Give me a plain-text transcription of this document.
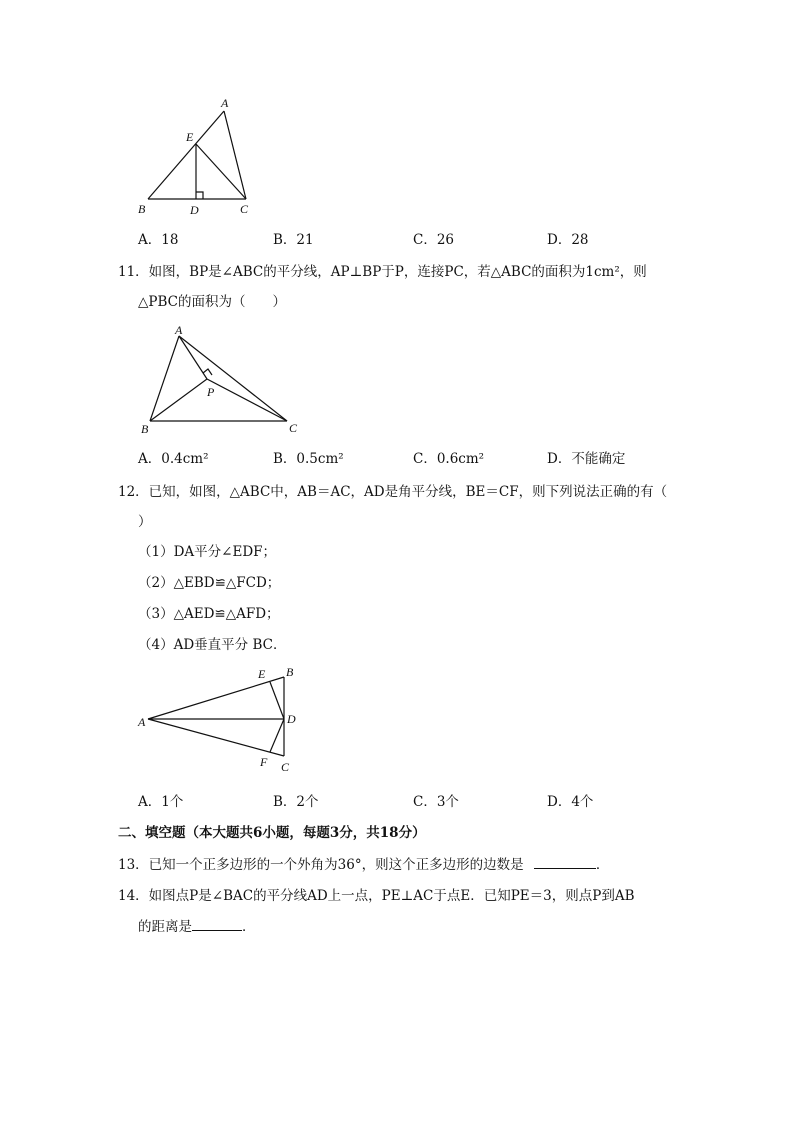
A
E
B	D	C
A．18	B．21	C．26	D．28
11．如图，BP是∠ABC的平分线，AP⊥BP于P，连接PC，若△ABC的面积为1cm²，则
△PBC的面积为（　　）
A
P
B	C
A．0.4cm²	B．0.5cm²	C．0.6cm²	D．不能确定
12．已知，如图，△ABC中，AB＝AC，AD是角平分线，BE＝CF，则下列说法正确的有（
）
（1）DA平分∠EDF；
（2）△EBD≌△FCD；
（3）△AED≌△AFD；
（4）AD垂直平分 BC．
A
E B
D
F C
A．1个	B．2个	C．3个	D．4个
二、填空题（本大题共6小题，每题3分，共18分）
13．已知一个正多边形的一个外角为36°，则这个正多边形的边数是	．
14．如图点P是∠BAC的平分线AD上一点，PE⊥AC于点E．已知PE＝3，则点P到AB
的距离是	．
